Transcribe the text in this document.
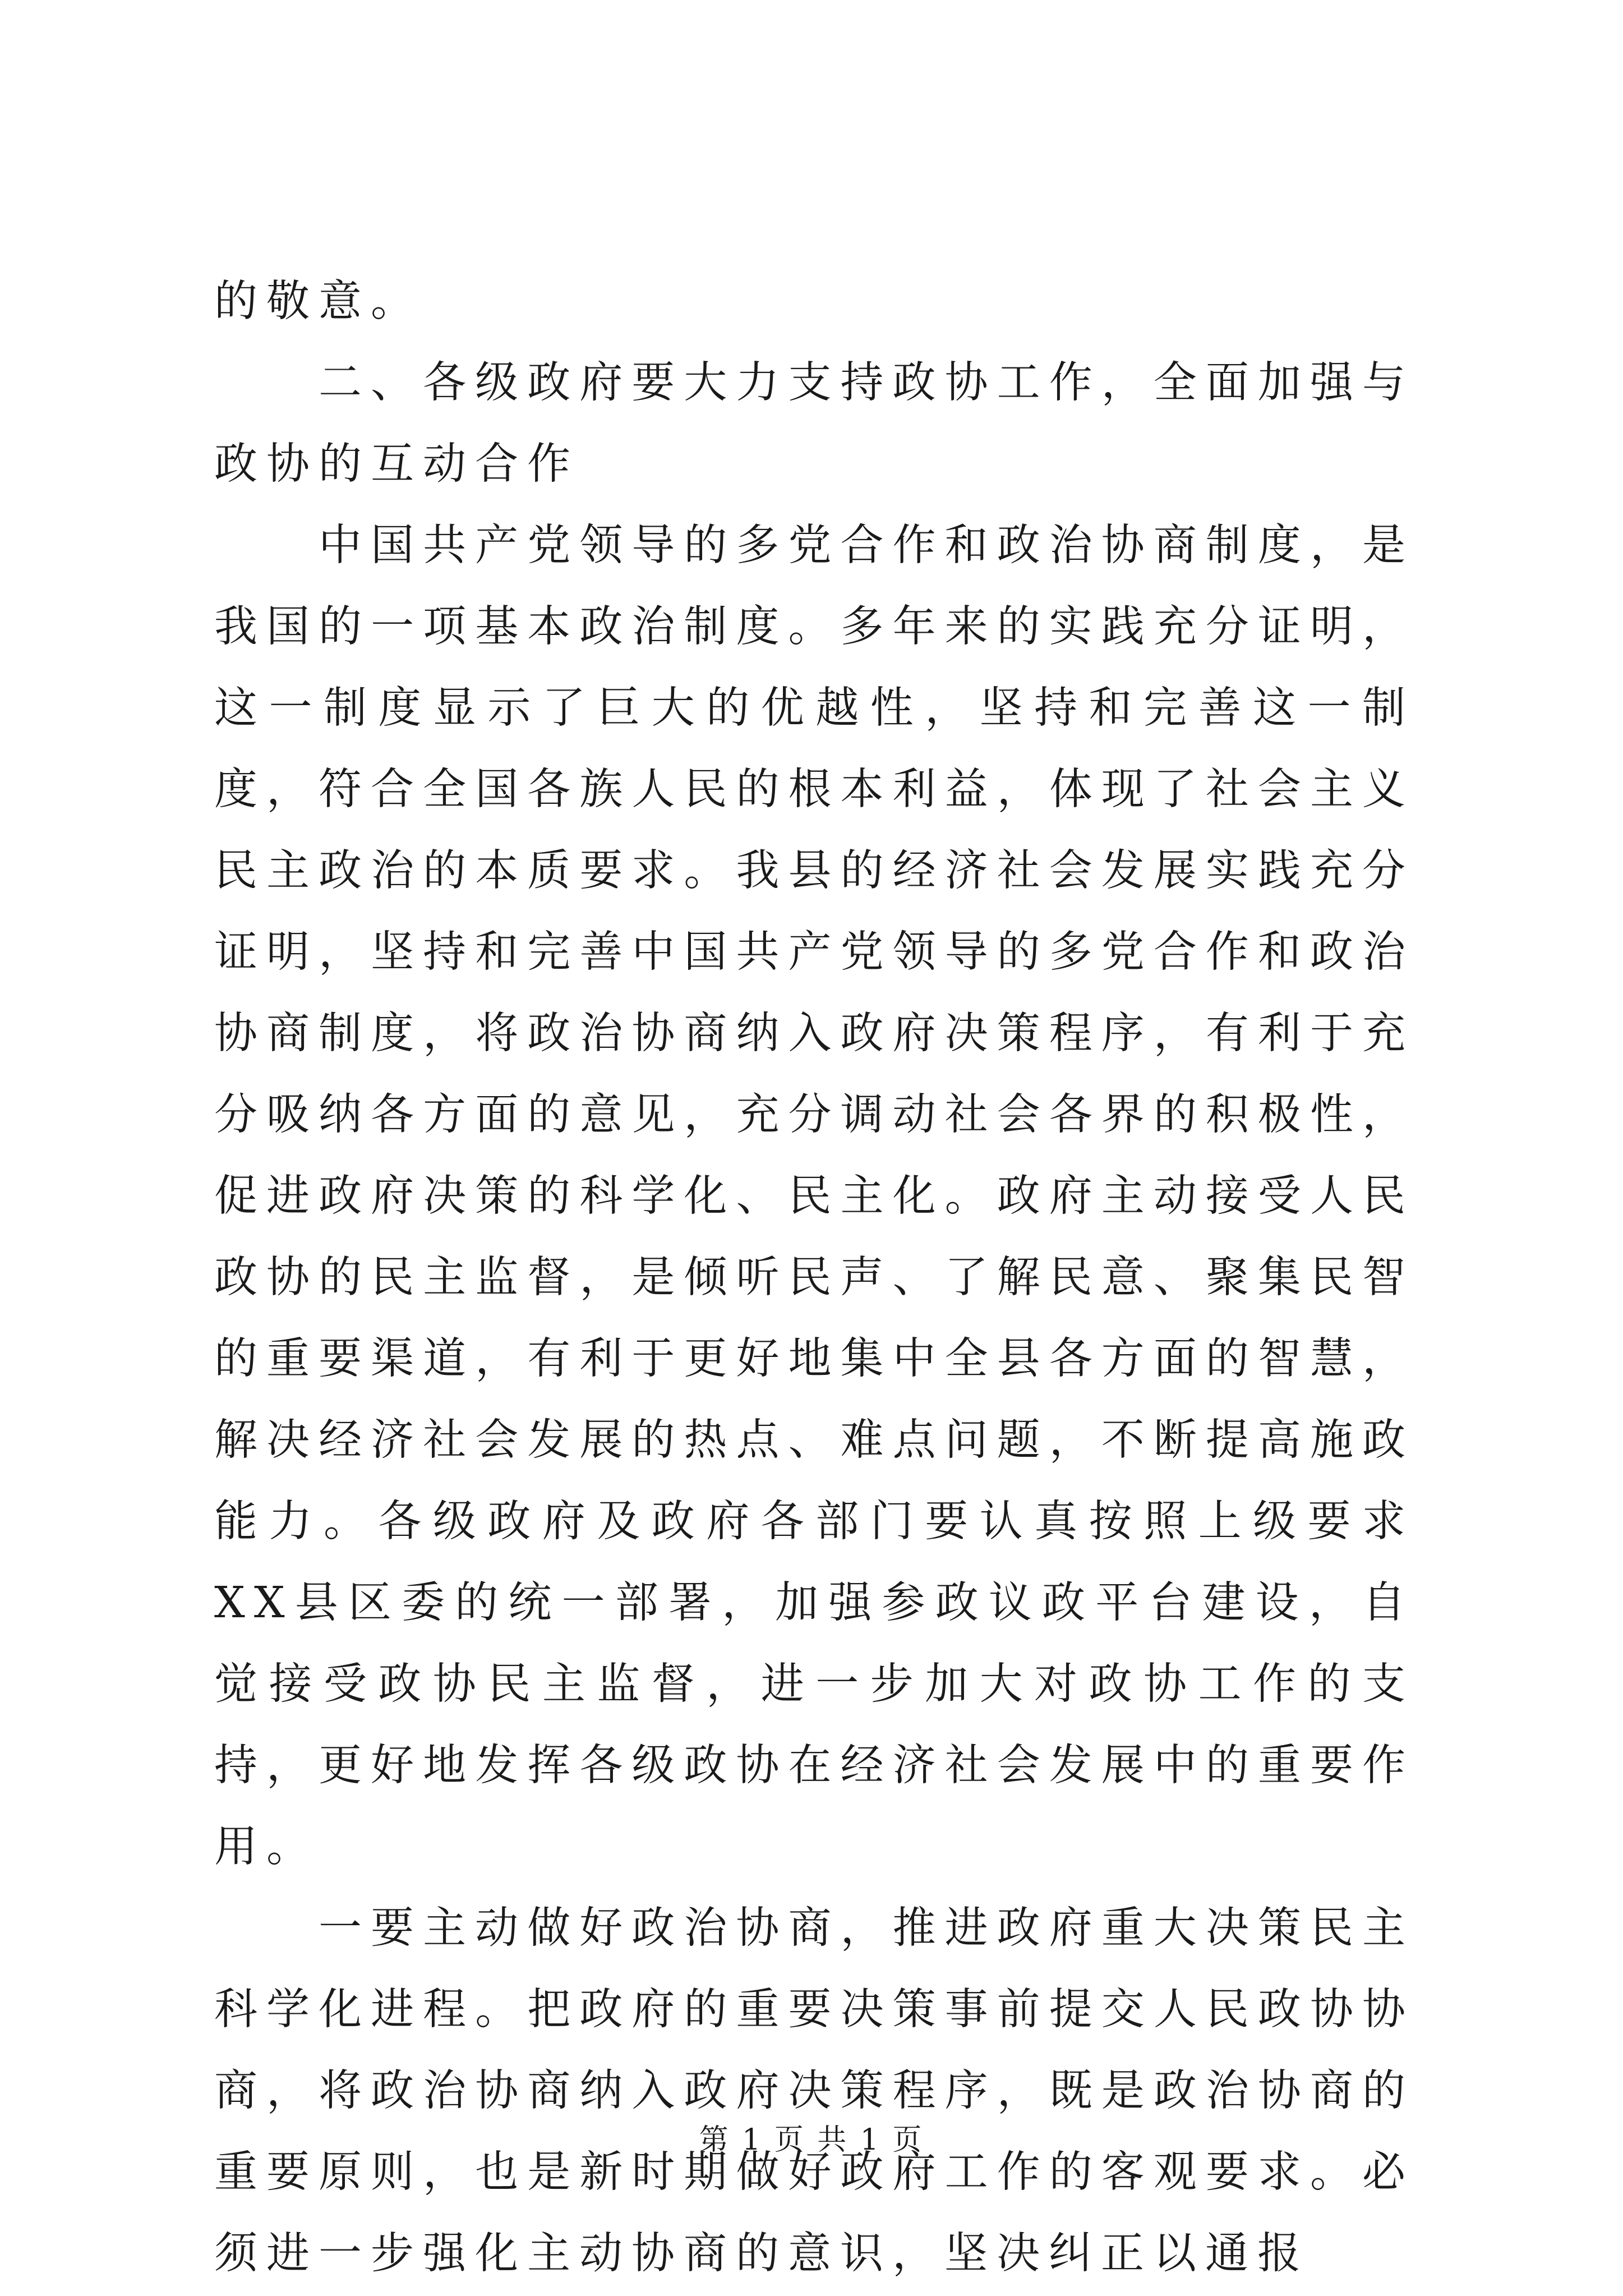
的敬意。

二、各级政府要大力支持政协工作，全面加强与政协的互动合作

中国共产党领导的多党合作和政治协商制度，是我国的一项基本政治制度。多年来的实践充分证明，这一制度显示了巨大的优越性，坚持和完善这一制度，符合全国各族人民的根本利益，体现了社会主义民主政治的本质要求。我县的经济社会发展实践充分证明，坚持和完善中国共产党领导的多党合作和政治协商制度，将政治协商纳入政府决策程序，有利于充分吸纳各方面的意见，充分调动社会各界的积极性，促进政府决策的科学化、民主化。政府主动接受人民政协的民主监督，是倾听民声、了解民意、聚集民智的重要渠道，有利于更好地集中全县各方面的智慧，解决经济社会发展的热点、难点问题，不断提高施政能力。各级政府及政府各部门要认真按照上级要求XX县区委的统一部署，加强参政议政平台建设，自觉接受政协民主监督，进一步加大对政协工作的支持，更好地发挥各级政协在经济社会发展中的重要作用。

一要主动做好政治协商，推进政府重大决策民主科学化进程。把政府的重要决策事前提交人民政协协商，将政治协商纳入政府决策程序，既是政治协商的重要原则，也是新时期做好政府工作的客观要求。必须进一步强化主动协商的意识，坚决纠正以通报

第 1 页 共 1 页
